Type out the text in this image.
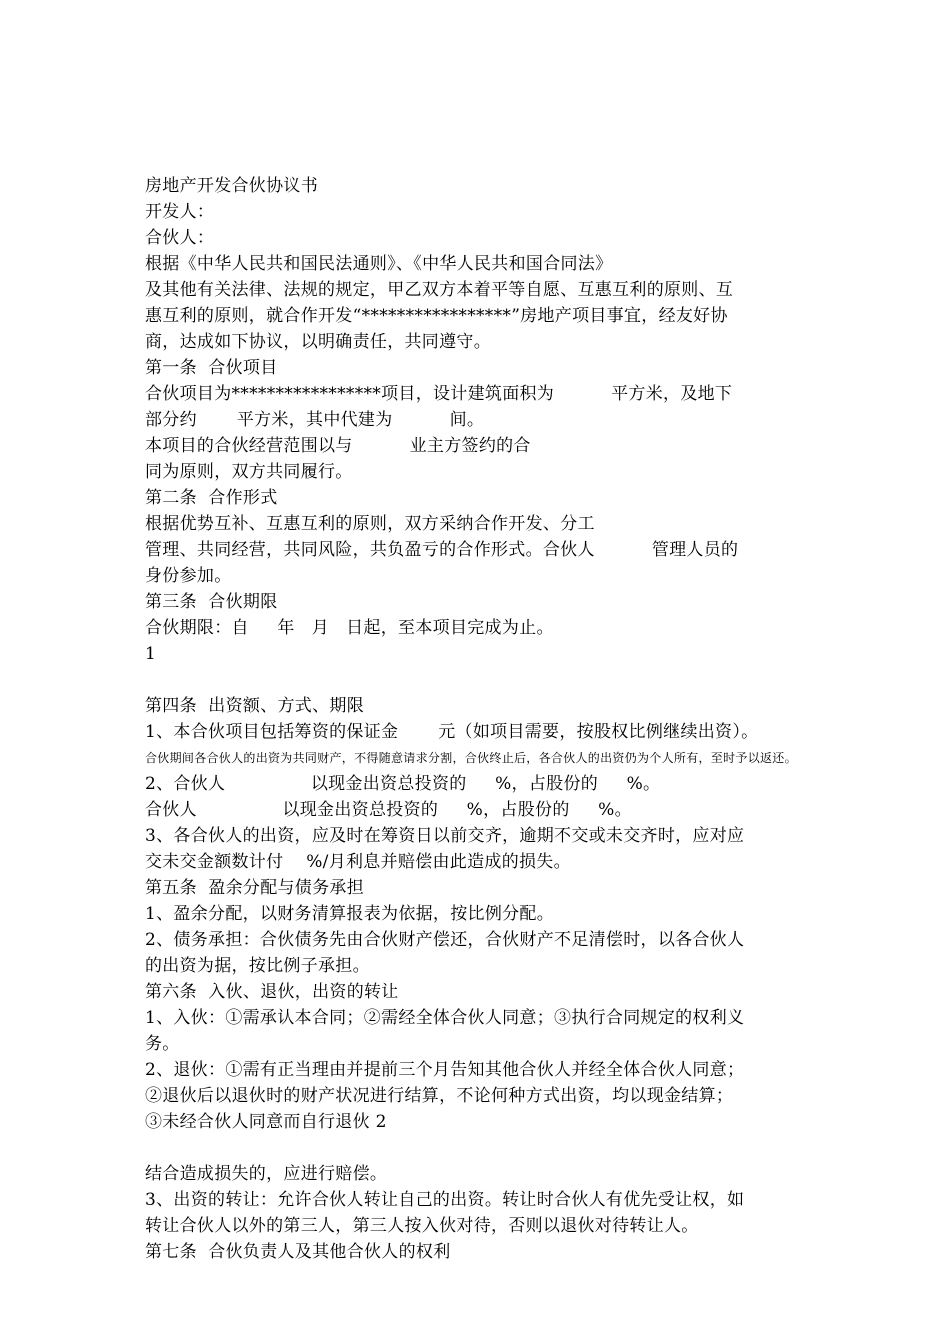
房地产开发合伙协议书
开发人：
合伙人：
根据《中华人民共和国民法通则》、《中华人民共和国合同法》
及其他有关法律、法规的规定，甲乙双方本着平等自愿、互惠互利的原则、互
惠互利的原则，就合作开发“*****************”房地产项目事宜，经友好协
商，达成如下协议，以明确责任，共同遵守。
第一条  合伙项目
合伙项目为*****************项目，设计建筑面积为          平方米，及地下
部分约       平方米，其中代建为          间。
本项目的合伙经营范围以与          业主方签约的合
同为原则，双方共同履行。
第二条  合作形式
根据优势互补、互惠互利的原则，双方采纳合作开发、分工
管理、共同经营，共同风险，共负盈亏的合作形式。合伙人          管理人员的
身份参加。
第三条  合伙期限
合伙期限：自     年   月   日起，至本项目完成为止。
1
第四条  出资额、方式、期限
1、本合伙项目包括筹资的保证金       元（如项目需要，按股权比例继续出资）。
合伙期间各合伙人的出资为共同财产，不得随意请求分割，合伙终止后，各合伙人的出资仍为个人所有，至时予以返还。
2、合伙人               以现金出资总投资的     %，占股份的     %。
合伙人               以现金出资总投资的     %，占股份的     %。
3、各合伙人的出资，应及时在筹资日以前交齐，逾期不交或未交齐时，应对应
交未交金额数计付    %/月利息并赔偿由此造成的损失。
第五条  盈余分配与债务承担
1、盈余分配，以财务清算报表为依据，按比例分配。
2、债务承担：合伙债务先由合伙财产偿还，合伙财产不足清偿时，以各合伙人
的出资为据，按比例子承担。
第六条  入伙、退伙，出资的转让
1、入伙：①需承认本合同；②需经全体合伙人同意；③执行合同规定的权利义
务。
2、退伙：①需有正当理由并提前三个月告知其他合伙人并经全体合伙人同意；
②退伙后以退伙时的财产状况进行结算，不论何种方式出资，均以现金结算；
③未经合伙人同意而自行退伙 2
结合造成损失的，应进行赔偿。
3、出资的转让：允许合伙人转让自己的出资。转让时合伙人有优先受让权，如
转让合伙人以外的第三人，第三人按入伙对待，否则以退伙对待转让人。
第七条  合伙负责人及其他合伙人的权利
